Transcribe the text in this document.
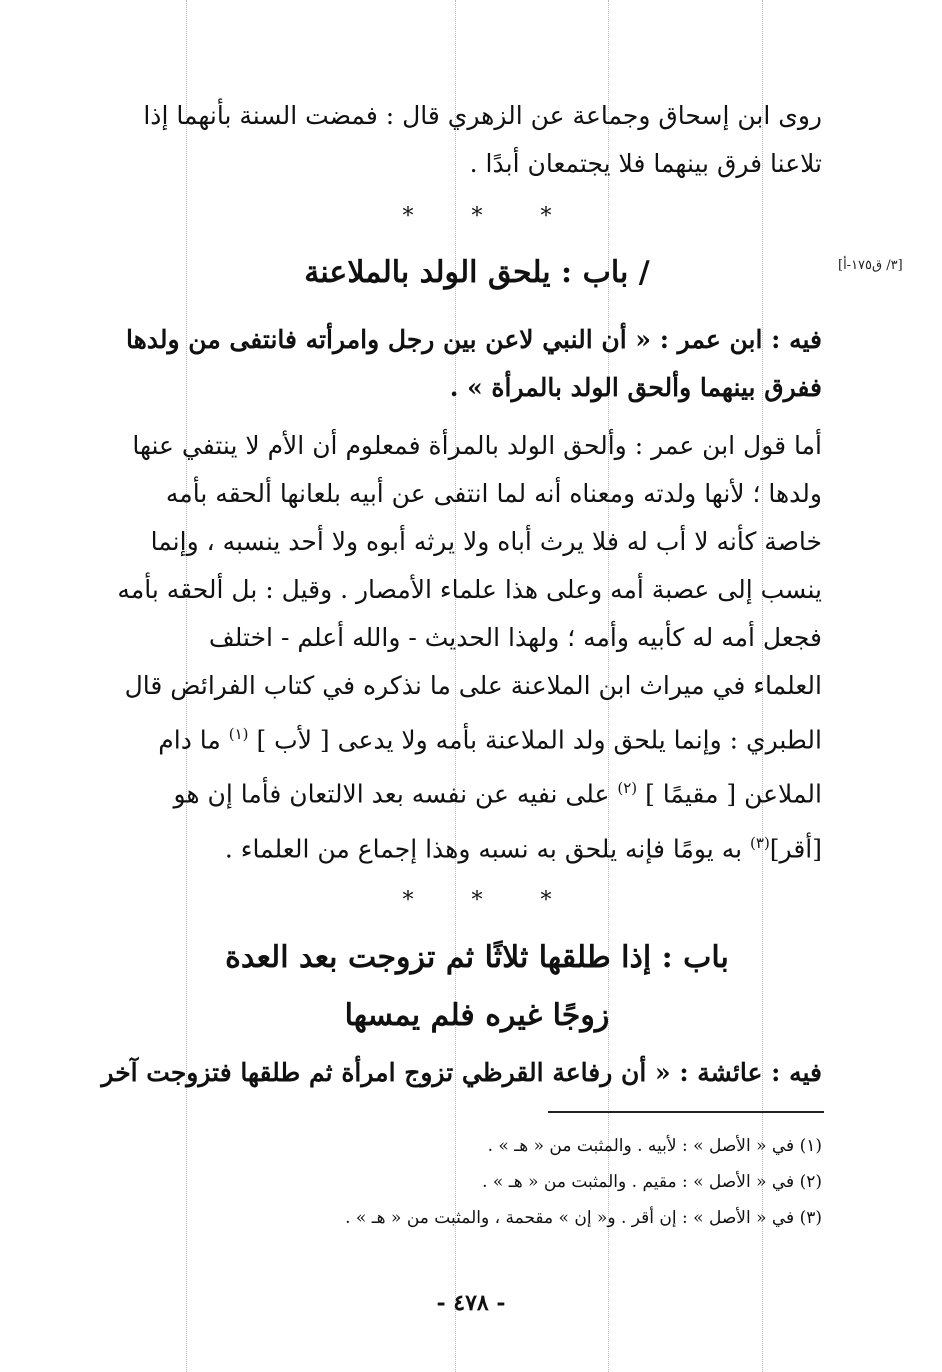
[٣/ ق١٧٥-أ]
روى ابن إسحاق وجماعة عن الزهري قال : فمضت السنة بأنهما إذا
تلاعنا فرق بينهما فلا يجتمعان أبدًا .
*
*
*
/ باب : يلحق الولد بالملاعنة
فيه : ابن عمر : « أن النبي لاعن بين رجل وامرأته فانتفى من ولدها
ففرق بينهما وألحق الولد بالمرأة » .
أما قول ابن عمر : وألحق الولد بالمرأة فمعلوم أن الأم لا ينتفي عنها
ولدها ؛ لأنها ولدته ومعناه أنه لما انتفى عن أبيه بلعانها ألحقه بأمه
خاصة كأنه لا أب له فلا يرث أباه ولا يرثه أبوه ولا أحد ينسبه ، وإنما
ينسب إلى عصبة أمه وعلى هذا علماء الأمصار . وقيل : بل ألحقه بأمه
فجعل أمه له كأبيه وأمه ؛ ولهذا الحديث - والله أعلم - اختلف
العلماء في ميراث ابن الملاعنة على ما نذكره في كتاب الفرائض قال
الطبري : وإنما يلحق ولد الملاعنة بأمه ولا يدعى [ لأب ] $^{(١)}$ ما دام
الملاعن [ مقيمًا ] $^{(٢)}$ على نفيه عن نفسه بعد الالتعان فأما إن هو
[أقر]$^{(٣)}$ به يومًا فإنه يلحق به نسبه وهذا إجماع من العلماء .
*
*
*
باب : إذا طلقها ثلاثًا ثم تزوجت بعد العدة
زوجًا غيره فلم يمسها
فيه : عائشة : « أن رفاعة القرظي تزوج امرأة ثم طلقها فتزوجت آخر
(١) في « الأصل » : لأبيه . والمثبت من « هـ » .
(٢) في « الأصل » : مقيم . والمثبت من « هـ » .
(٣) في « الأصل » : إن أقر . و« إن » مقحمة ، والمثبت من « هـ » .
- ٤٧٨ -
